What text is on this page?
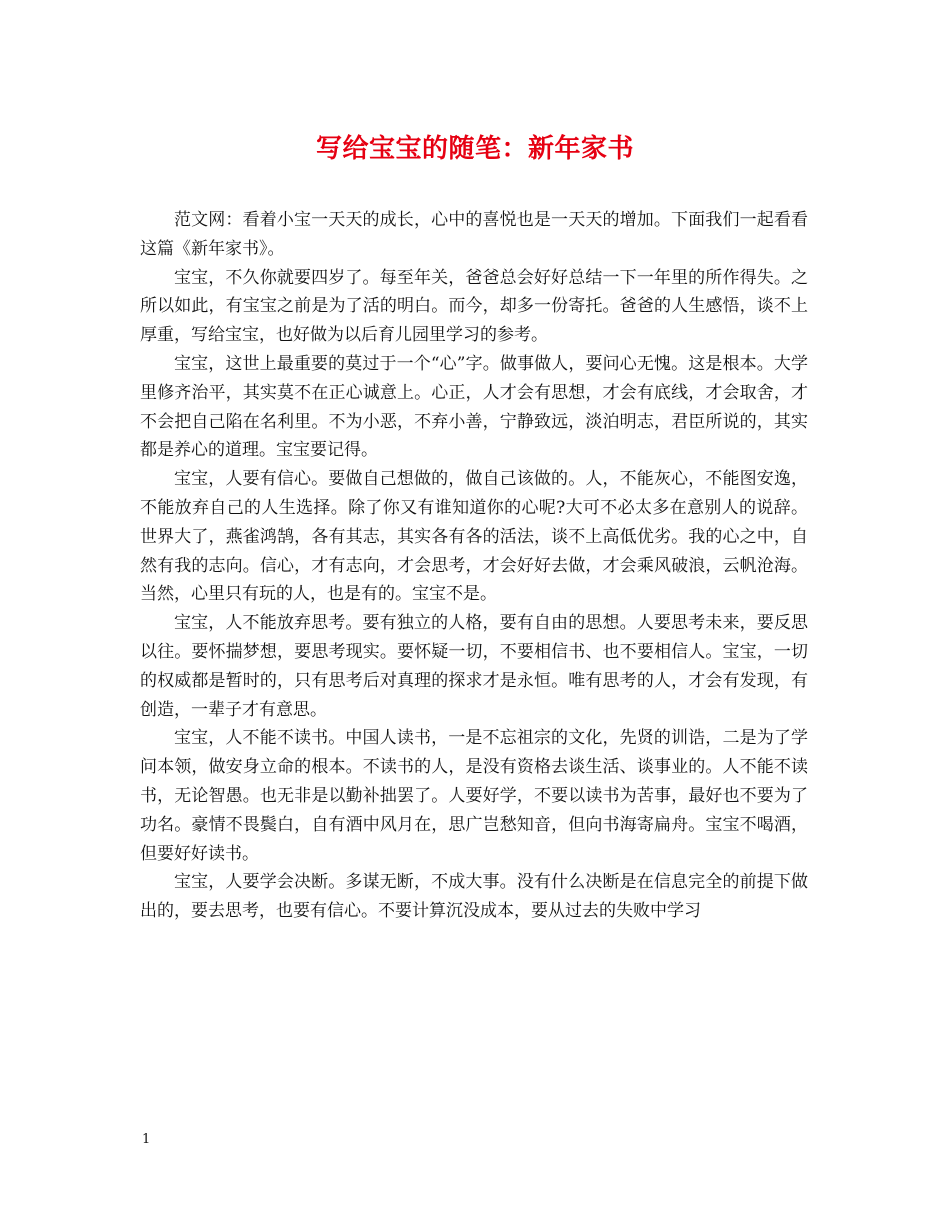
写给宝宝的随笔：新年家书

范文网：看着小宝一天天的成长，心中的喜悦也是一天天的增加。下面我们一起看看这篇《新年家书》。

宝宝，不久你就要四岁了。每至年关，爸爸总会好好总结一下一年里的所作得失。之所以如此，有宝宝之前是为了活的明白。而今，却多一份寄托。爸爸的人生感悟，谈不上厚重，写给宝宝，也好做为以后育儿园里学习的参考。

宝宝，这世上最重要的莫过于一个“心”字。做事做人，要问心无愧。这是根本。大学里修齐治平，其实莫不在正心诚意上。心正，人才会有思想，才会有底线，才会取舍，才不会把自己陷在名利里。不为小恶，不弃小善，宁静致远，淡泊明志，君臣所说的，其实都是养心的道理。宝宝要记得。

宝宝，人要有信心。要做自己想做的，做自己该做的。人，不能灰心，不能图安逸，不能放弃自己的人生选择。除了你又有谁知道你的心呢?大可不必太多在意别人的说辞。世界大了，燕雀鸿鹄，各有其志，其实各有各的活法，谈不上高低优劣。我的心之中，自然有我的志向。信心，才有志向，才会思考，才会好好去做，才会乘风破浪，云帆沧海。当然，心里只有玩的人，也是有的。宝宝不是。

宝宝，人不能放弃思考。要有独立的人格，要有自由的思想。人要思考未来，要反思以往。要怀揣梦想，要思考现实。要怀疑一切，不要相信书、也不要相信人。宝宝，一切的权威都是暂时的，只有思考后对真理的探求才是永恒。唯有思考的人，才会有发现，有创造，一辈子才有意思。

宝宝，人不能不读书。中国人读书，一是不忘祖宗的文化，先贤的训诰，二是为了学问本领，做安身立命的根本。不读书的人，是没有资格去谈生活、谈事业的。人不能不读书，无论智愚。也无非是以勤补拙罢了。人要好学，不要以读书为苦事，最好也不要为了功名。豪情不畏鬓白，自有酒中风月在，思广岂愁知音，但向书海寄扁舟。宝宝不喝酒，但要好好读书。

宝宝，人要学会决断。多谋无断，不成大事。没有什么决断是在信息完全的前提下做出的，要去思考，也要有信心。不要计算沉没成本，要从过去的失败中学习

1
